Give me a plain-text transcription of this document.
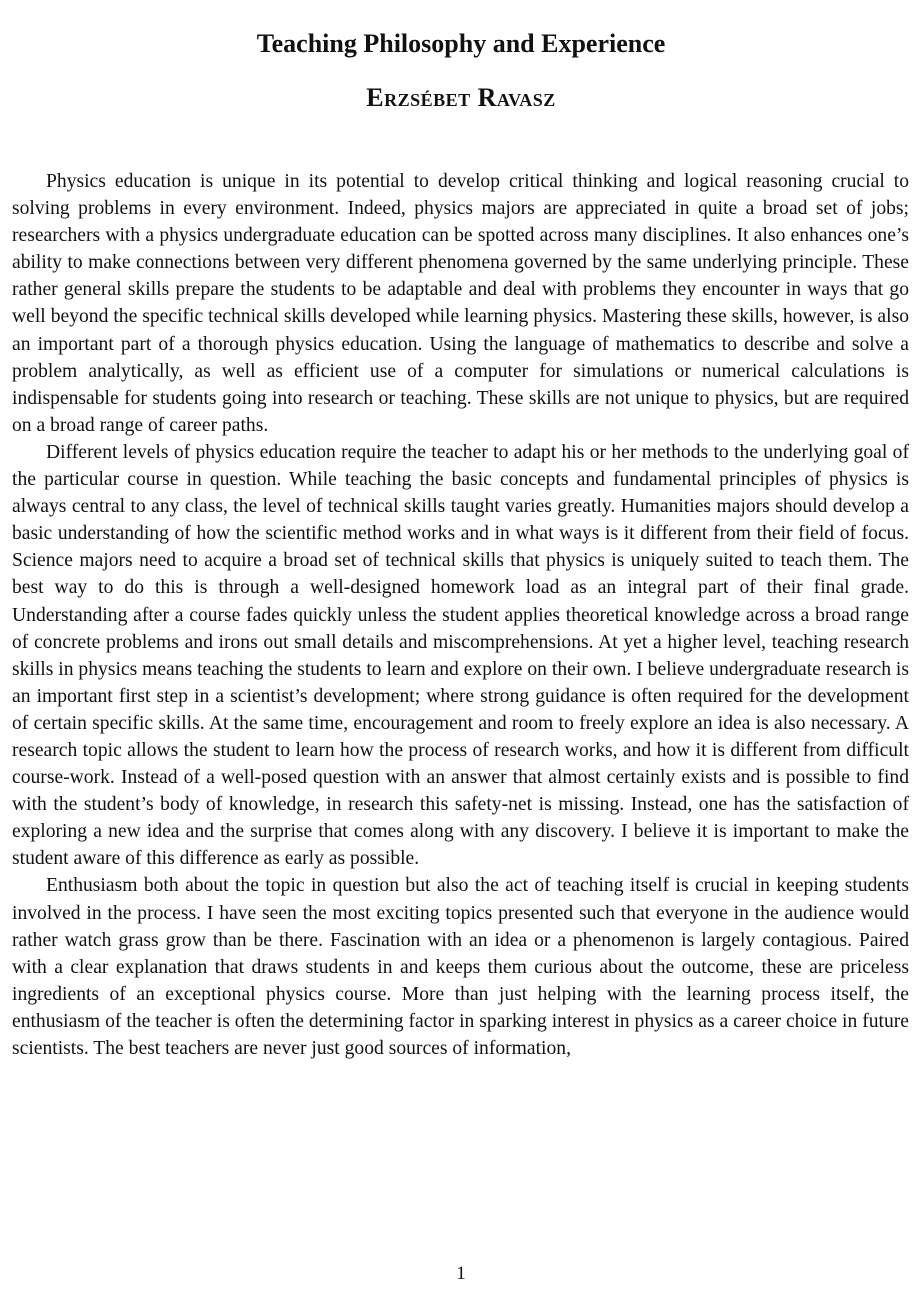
Teaching Philosophy and Experience
Erzsébet Ravasz

Physics education is unique in its potential to develop critical thinking and logical reasoning crucial to solving problems in every environment. Indeed, physics majors are appreciated in quite a broad set of jobs; researchers with a physics undergraduate education can be spotted across many disciplines. It also enhances one’s ability to make connections between very different phenomena governed by the same underlying principle. These rather general skills prepare the students to be adaptable and deal with problems they encounter in ways that go well beyond the specific technical skills developed while learning physics. Mastering these skills, however, is also an important part of a thorough physics education. Using the language of mathematics to describe and solve a problem analytically, as well as efficient use of a computer for simulations or numerical calculations is indispensable for students going into research or teaching. These skills are not unique to physics, but are required on a broad range of career paths.

Different levels of physics education require the teacher to adapt his or her methods to the underlying goal of the particular course in question. While teaching the basic concepts and fundamental principles of physics is always central to any class, the level of technical skills taught varies greatly. Humanities majors should develop a basic understanding of how the scientific method works and in what ways is it different from their field of focus. Science majors need to acquire a broad set of technical skills that physics is uniquely suited to teach them. The best way to do this is through a well-designed homework load as an integral part of their final grade. Understanding after a course fades quickly unless the student applies theoretical knowledge across a broad range of concrete problems and irons out small details and miscomprehensions. At yet a higher level, teaching research skills in physics means teaching the students to learn and explore on their own. I believe undergraduate research is an important first step in a scientist’s development; where strong guidance is often required for the development of certain specific skills. At the same time, encouragement and room to freely explore an idea is also necessary. A research topic allows the student to learn how the process of research works, and how it is different from difficult course-work. Instead of a well-posed question with an answer that almost certainly exists and is possible to find with the student’s body of knowledge, in research this safety-net is missing. Instead, one has the satisfaction of exploring a new idea and the surprise that comes along with any discovery. I believe it is important to make the student aware of this difference as early as possible.

Enthusiasm both about the topic in question but also the act of teaching itself is crucial in keeping students involved in the process. I have seen the most exciting topics presented such that everyone in the audience would rather watch grass grow than be there. Fascination with an idea or a phenomenon is largely contagious. Paired with a clear explanation that draws students in and keeps them curious about the outcome, these are priceless ingredients of an exceptional physics course. More than just helping with the learning process itself, the enthusiasm of the teacher is often the determining factor in sparking interest in physics as a career choice in future scientists. The best teachers are never just good sources of information,

1
